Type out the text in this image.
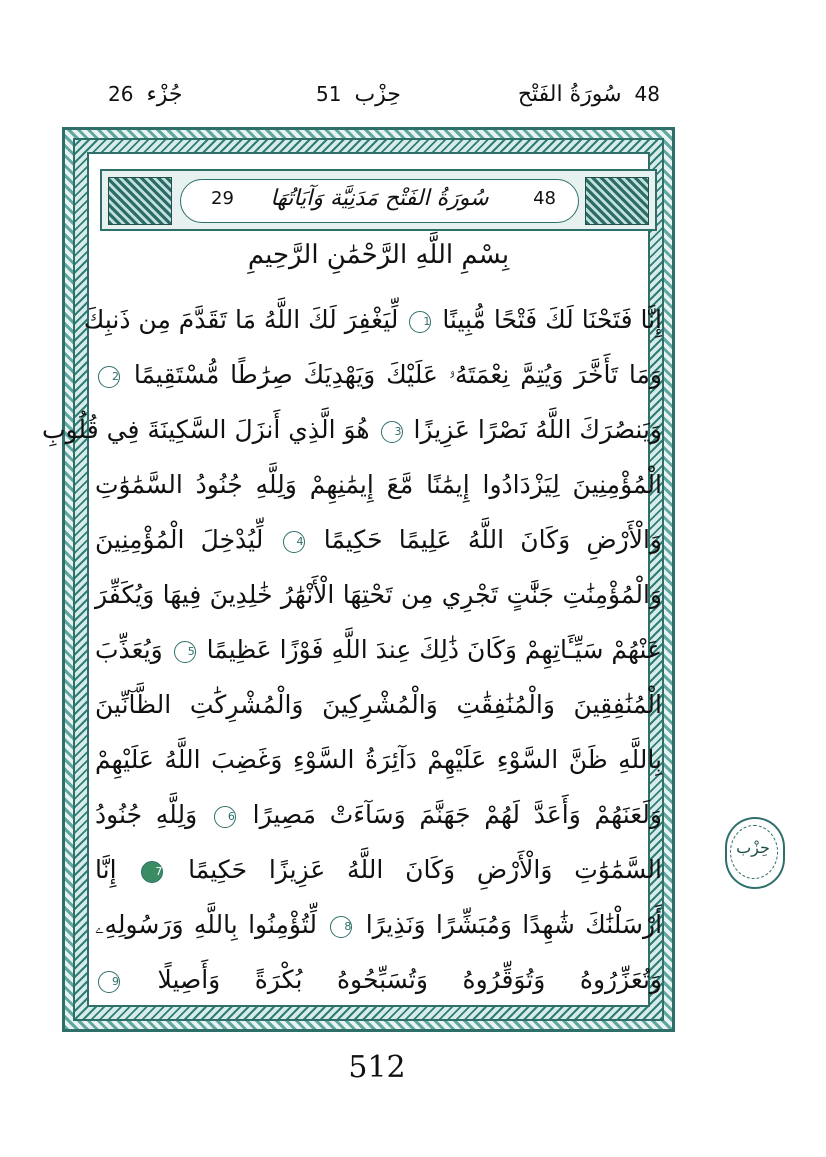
48 سُورَةُ الفَتْح
حِزْب 51
جُزْء 26
48
سُورَةُ الفَتْح مَدَنِيَّة وَآيَاتُهَا
29
بِسْمِ اللَّهِ الرَّحْمَٰنِ الرَّحِيمِ
إِنَّا فَتَحْنَا لَكَ فَتْحًا مُّبِينًا 1 لِّيَغْفِرَ لَكَ اللَّهُ مَا تَقَدَّمَ مِن ذَنبِكَ
وَمَا تَأَخَّرَ وَيُتِمَّ نِعْمَتَهُۥ عَلَيْكَ وَيَهْدِيَكَ صِرَٰطًا مُّسْتَقِيمًا 2
وَيَنصُرَكَ اللَّهُ نَصْرًا عَزِيزًا 3 هُوَ الَّذِي أَنزَلَ السَّكِينَةَ فِي قُلُوبِ
الْمُؤْمِنِينَ لِيَزْدَادُوا إِيمَٰنًا مَّعَ إِيمَٰنِهِمْ وَلِلَّهِ جُنُودُ السَّمَٰوَٰتِ
وَالْأَرْضِ وَكَانَ اللَّهُ عَلِيمًا حَكِيمًا 4 لِّيُدْخِلَ الْمُؤْمِنِينَ
وَالْمُؤْمِنَٰتِ جَنَّٰتٍ تَجْرِي مِن تَحْتِهَا الْأَنْهَٰرُ خَٰلِدِينَ فِيهَا وَيُكَفِّرَ
عَنْهُمْ سَيِّـَٔاتِهِمْ وَكَانَ ذَٰلِكَ عِندَ اللَّهِ فَوْزًا عَظِيمًا 5 وَيُعَذِّبَ
الْمُنَٰفِقِينَ وَالْمُنَٰفِقَٰتِ وَالْمُشْرِكِينَ وَالْمُشْرِكَٰتِ الظَّآنِّينَ
بِاللَّهِ ظَنَّ السَّوْءِ عَلَيْهِمْ دَآئِرَةُ السَّوْءِ وَغَضِبَ اللَّهُ عَلَيْهِمْ
وَلَعَنَهُمْ وَأَعَدَّ لَهُمْ جَهَنَّمَ وَسَآءَتْ مَصِيرًا 6 وَلِلَّهِ جُنُودُ
السَّمَٰوَٰتِ وَالْأَرْضِ وَكَانَ اللَّهُ عَزِيزًا حَكِيمًا 7 إِنَّا
أَرْسَلْنَٰكَ شَٰهِدًا وَمُبَشِّرًا وَنَذِيرًا 8 لِّتُؤْمِنُوا بِاللَّهِ وَرَسُولِهِۦ
وَتُعَزِّرُوهُ وَتُوَقِّرُوهُ وَتُسَبِّحُوهُ بُكْرَةً وَأَصِيلًا 9
حِزْب
512
